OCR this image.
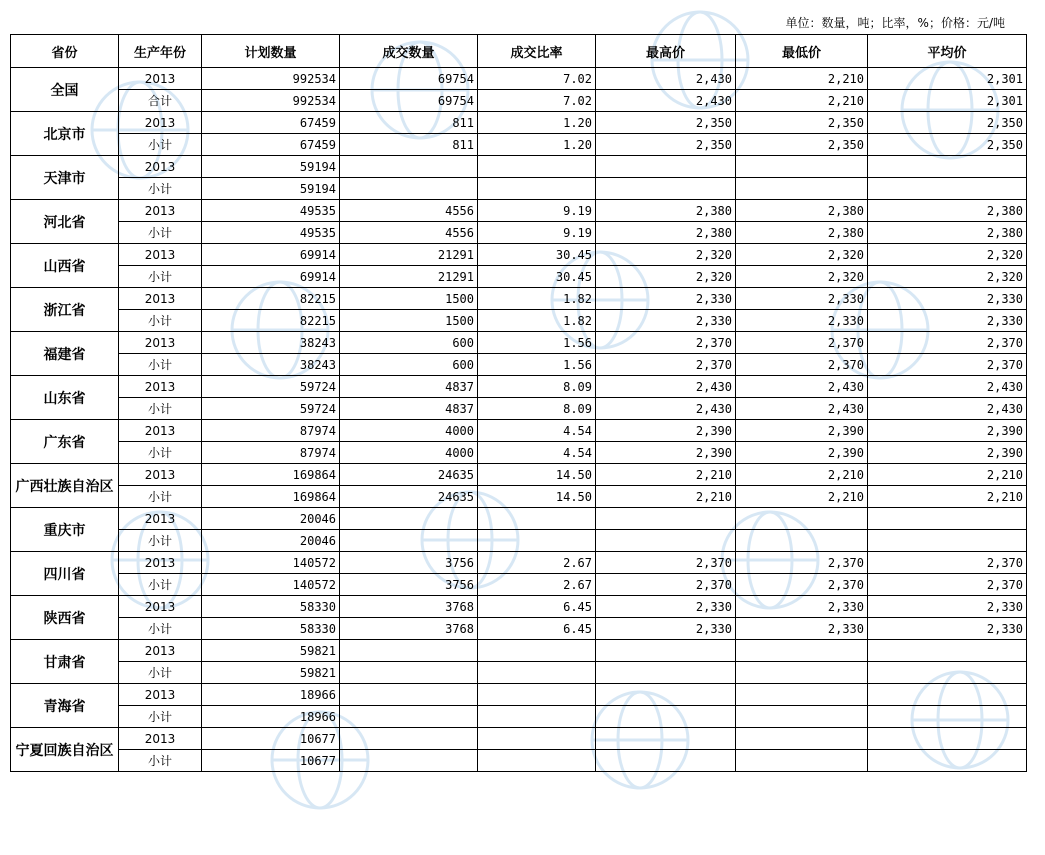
单位：数量，吨；比率，%；价格：元/吨
省份	生产年份	计划数量	成交数量	成交比率	最高价	最低价	平均价
全国	2013	992534	69754	7.02	2,430	2,210	2,301
	合计	992534	69754	7.02	2,430	2,210	2,301
北京市	2013	67459	811	1.20	2,350	2,350	2,350
	小计	67459	811	1.20	2,350	2,350	2,350
天津市	2013	59194					
	小计	59194					
河北省	2013	49535	4556	9.19	2,380	2,380	2,380
	小计	49535	4556	9.19	2,380	2,380	2,380
山西省	2013	69914	21291	30.45	2,320	2,320	2,320
	小计	69914	21291	30.45	2,320	2,320	2,320
浙江省	2013	82215	1500	1.82	2,330	2,330	2,330
	小计	82215	1500	1.82	2,330	2,330	2,330
福建省	2013	38243	600	1.56	2,370	2,370	2,370
	小计	38243	600	1.56	2,370	2,370	2,370
山东省	2013	59724	4837	8.09	2,430	2,430	2,430
	小计	59724	4837	8.09	2,430	2,430	2,430
广东省	2013	87974	4000	4.54	2,390	2,390	2,390
	小计	87974	4000	4.54	2,390	2,390	2,390
广西壮族自治区	2013	169864	24635	14.50	2,210	2,210	2,210
	小计	169864	24635	14.50	2,210	2,210	2,210
重庆市	2013	20046					
	小计	20046					
四川省	2013	140572	3756	2.67	2,370	2,370	2,370
	小计	140572	3756	2.67	2,370	2,370	2,370
陕西省	2013	58330	3768	6.45	2,330	2,330	2,330
	小计	58330	3768	6.45	2,330	2,330	2,330
甘肃省	2013	59821					
	小计	59821					
青海省	2013	18966					
	小计	18966					
宁夏回族自治区	2013	10677					
	小计	10677					
